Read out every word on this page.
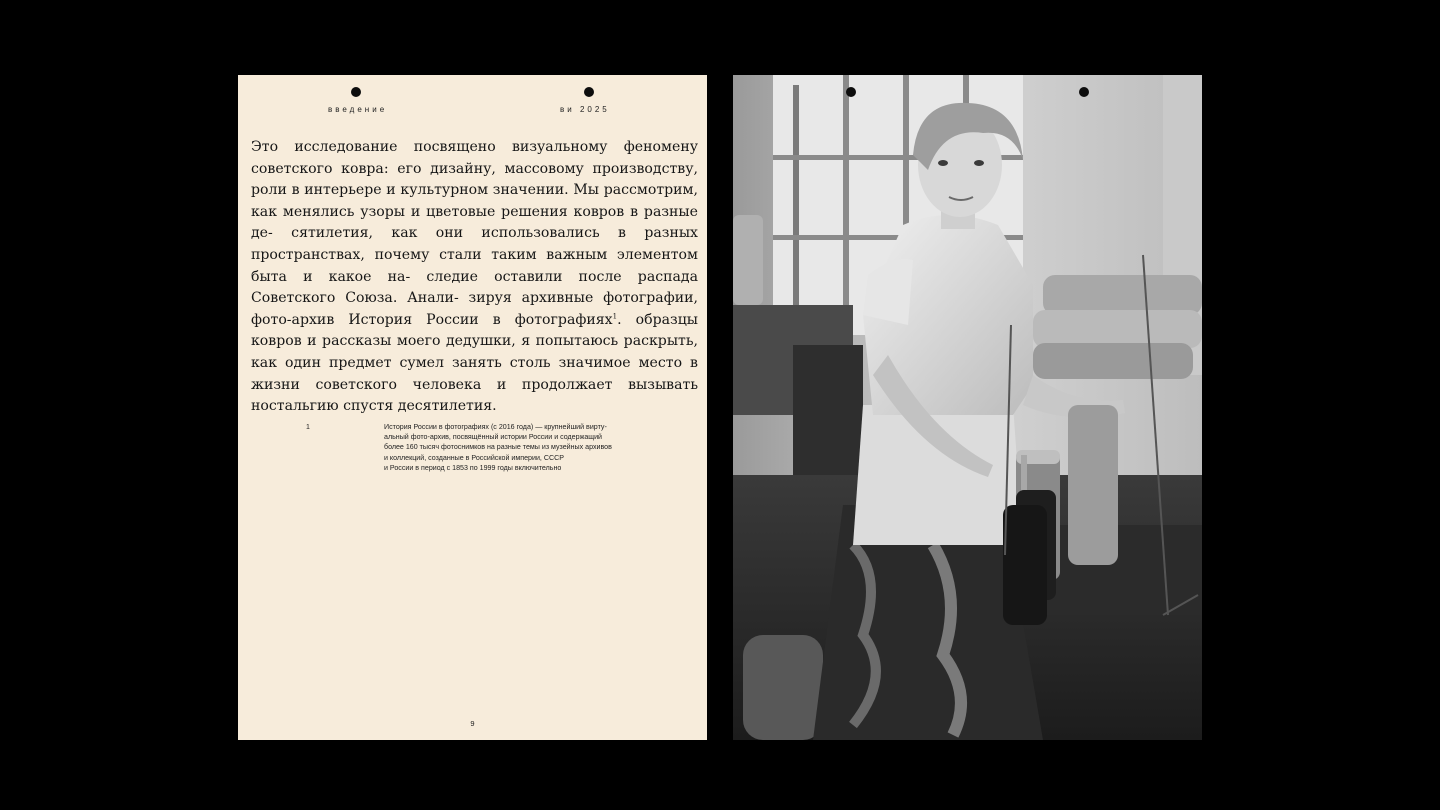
введение	ви 2025
Это исследование посвящено визуальному феномену советского ковра: его дизайну, массовому производству, роли в интерьере и культурном значении. Мы рассмотрим, как менялись узоры и цветовые решения ковров в разные де- сятилетия, как они использовались в разных пространствах, почему стали таким важным элементом быта и какое на- следие оставили после распада Советского Союза. Анали- зируя архивные фотографии, фото-архив История России в фотографиях$^1$. образцы ковров и рассказы моего дедушки, я попытаюсь раскрыть, как один предмет сумел занять столь значимое место в жизни советского человека и продолжает вызывать ностальгию спустя десятилетия.
1	История России в фотографиях (с 2016 года) — крупнейший вирту-
альный фото-архив, посвящённый истории России и содержащий
более 160 тысяч фотоснимков на разные темы из музейных архивов
и коллекций, созданные в Российской империи, СССР
и России в период с 1853 по 1999 годы включительно
9
